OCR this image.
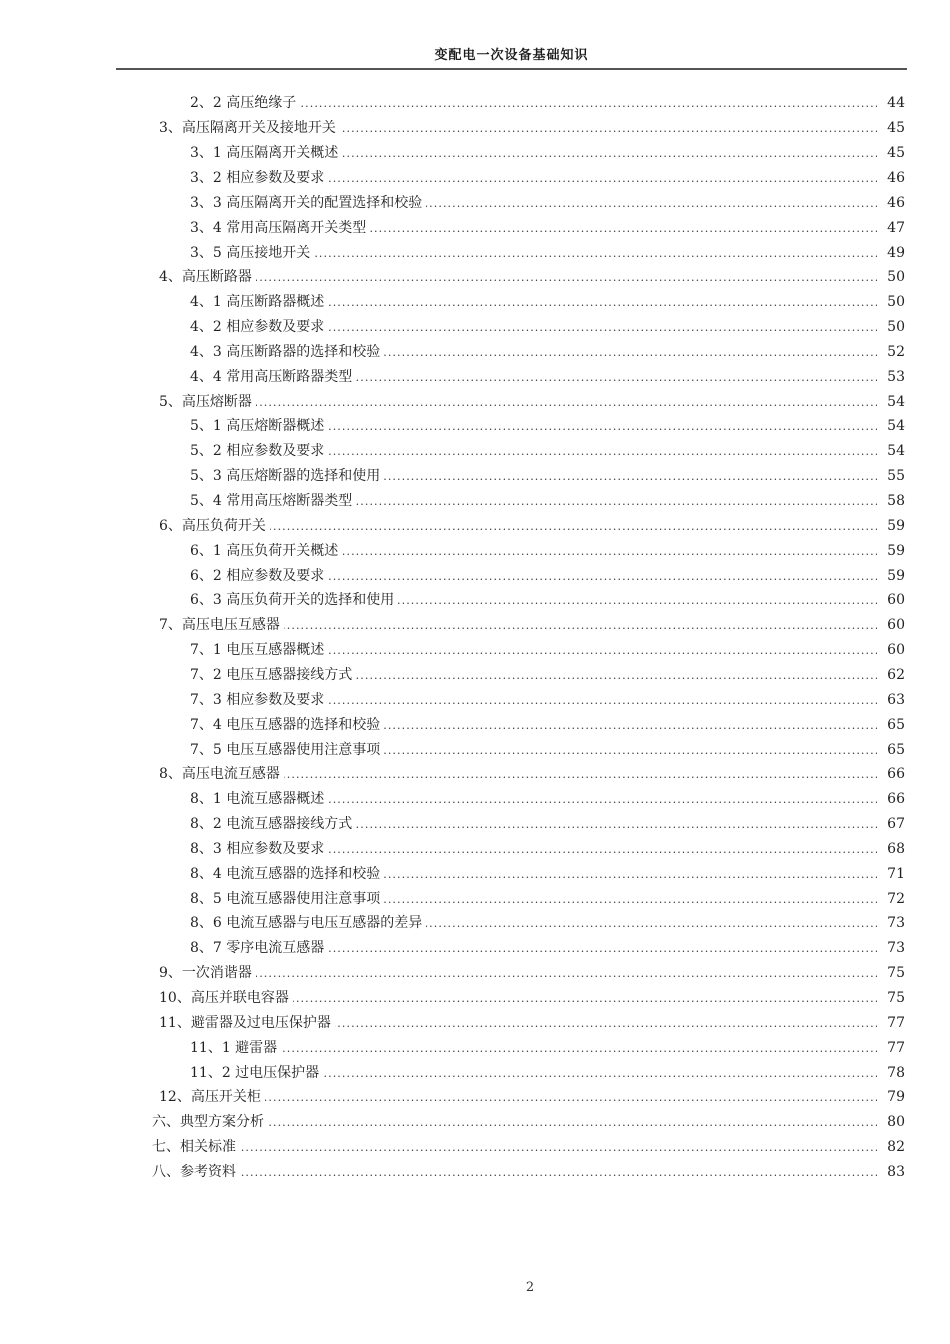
变配电一次设备基础知识
2、2 高压绝缘子 . . .	44
3、高压隔离开关及接地开关 . . .	45
3、1 高压隔离开关概述 . . .	45
3、2 相应参数及要求 . . .	46
3、3 高压隔离开关的配置选择和校验 . . .	46
3、4 常用高压隔离开关类型 . . .	47
3、5 高压接地开关 . . .	49
4、高压断路器 . . .	50
4、1 高压断路器概述 . . .	50
4、2 相应参数及要求 . . .	50
4、3 高压断路器的选择和校验 . . .	52
4、4 常用高压断路器类型 . . .	53
5、高压熔断器 . . .	54
5、1 高压熔断器概述 . . .	54
5、2 相应参数及要求 . . .	54
5、3 高压熔断器的选择和使用 . . .	55
5、4 常用高压熔断器类型 . . .	58
6、高压负荷开关 . . .	59
6、1 高压负荷开关概述 . . .	59
6、2 相应参数及要求 . . .	59
6、3 高压负荷开关的选择和使用 . . .	60
7、高压电压互感器 . . .	60
7、1 电压互感器概述 . . .	60
7、2 电压互感器接线方式 . . .	62
7、3 相应参数及要求 . . .	63
7、4 电压互感器的选择和校验 . . .	65
7、5 电压互感器使用注意事项 . . .	65
8、高压电流互感器 . . .	66
8、1 电流互感器概述 . . .	66
8、2 电流互感器接线方式 . . .	67
8、3 相应参数及要求 . . .	68
8、4 电流互感器的选择和校验 . . .	71
8、5 电流互感器使用注意事项 . . .	72
8、6 电流互感器与电压互感器的差异 . . .	73
8、7 零序电流互感器 . . .	73
9、一次消谐器 . . .	75
10、高压并联电容器 . . .	75
11、避雷器及过电压保护器 . . .	77
11、1 避雷器 . . .	77
11、2 过电压保护器 . . .	78
12、高压开关柜 . . .	79
六、典型方案分析 . . .	80
七、相关标准 . . .	82
八、参考资料 . . .	83
2
